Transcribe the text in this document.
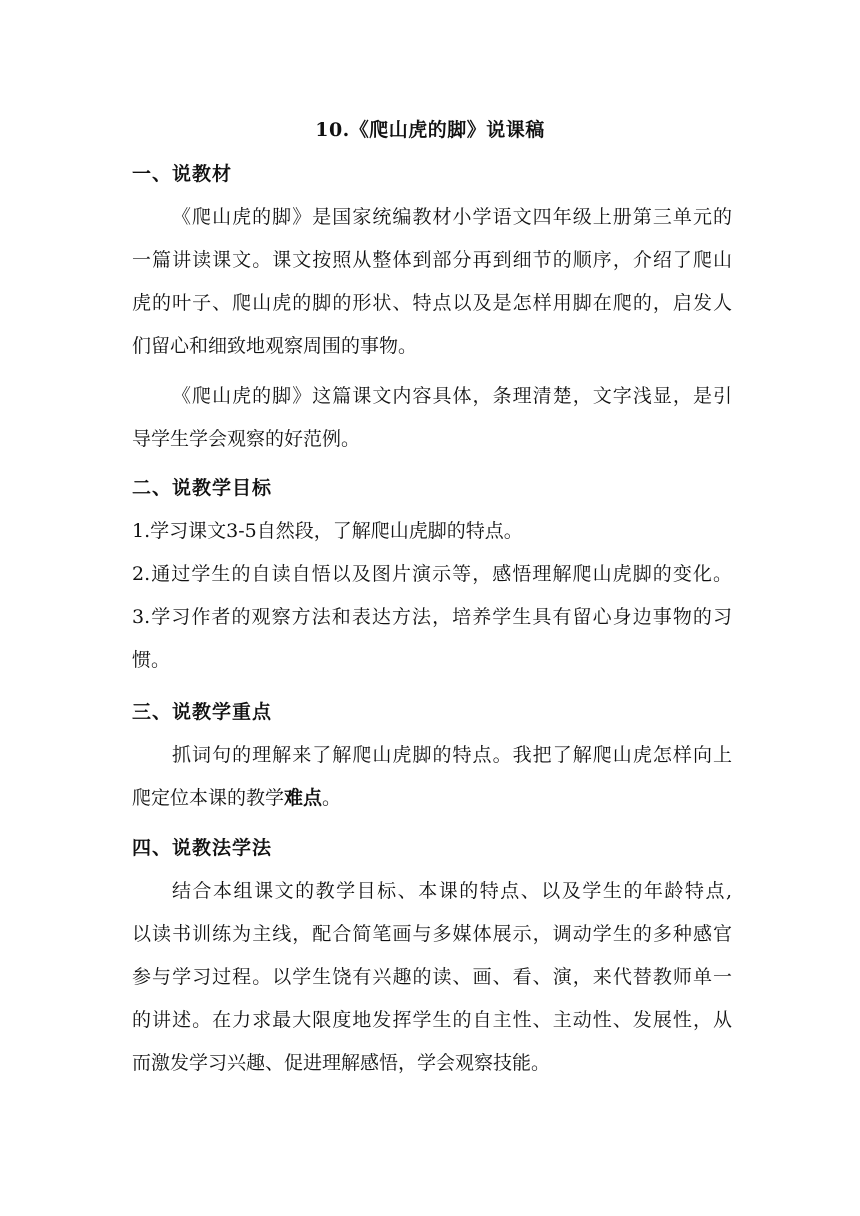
10.《爬山虎的脚》说课稿
一、说教材
《爬山虎的脚》是国家统编教材小学语文四年级上册第三单元的
一篇讲读课文。课文按照从整体到部分再到细节的顺序，介绍了爬山
虎的叶子、爬山虎的脚的形状、特点以及是怎样用脚在爬的，启发人
们留心和细致地观察周围的事物。
《爬山虎的脚》这篇课文内容具体，条理清楚，文字浅显，是引
导学生学会观察的好范例。
二、说教学目标
1.学习课文3-5自然段，了解爬山虎脚的特点。
2.通过学生的自读自悟以及图片演示等，感悟理解爬山虎脚的变化。
3.学习作者的观察方法和表达方法，培养学生具有留心身边事物的习
惯。
三、说教学重点
抓词句的理解来了解爬山虎脚的特点。我把了解爬山虎怎样向上
爬定位本课的教学难点。
四、说教法学法
结合本组课文的教学目标、本课的特点、以及学生的年龄特点,
以读书训练为主线，配合简笔画与多媒体展示，调动学生的多种感官
参与学习过程。以学生饶有兴趣的读、画、看、演，来代替教师单一
的讲述。在力求最大限度地发挥学生的自主性、主动性、发展性，从
而激发学习兴趣、促进理解感悟，学会观察技能。
